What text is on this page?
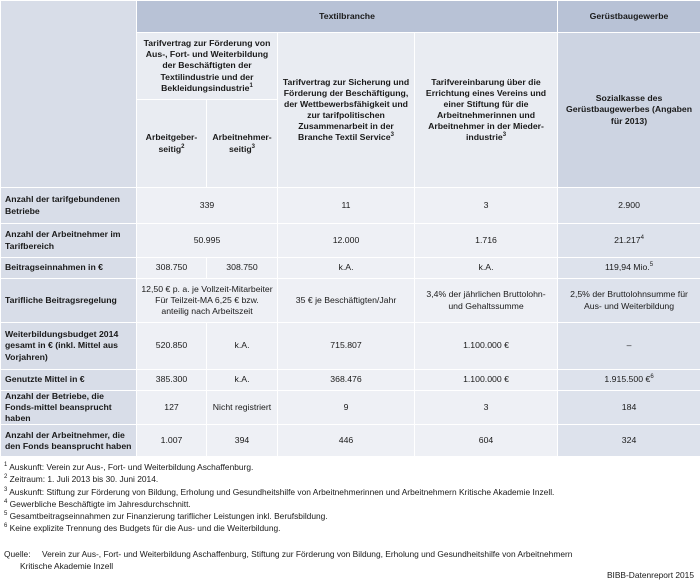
	Textilbranche				Gerüstbaugewerbe
	Tarifvertrag zur Förderung von Aus-, Fort- und Weiterbildung der Beschäftigten der Textilindustrie und der Bekleidungsindustrie$^1$		Tarifvertrag zur Sicherung und Förderung der Beschäftigung, der Wettbewerbsfähigkeit und zur tarifpolitischen Zusammenarbeit in der Branche Textil Service$^3$	Tarifvereinbarung über die Errichtung eines Vereins und einer Stiftung für die Arbeitnehmerinnen und Arbeitnehmer in der Mieder-industrie$^3$	Sozialkasse des Gerüstbaugewerbes (Angaben für 2013)
	Arbeitgeber-seitig$^2$	Arbeitnehmer-seitig$^3$
Anzahl der tarifgebundenen Betriebe	339		11	3	2.900
Anzahl der Arbeitnehmer im Tarifbereich	50.995		12.000	1.716	21.217$^4$
Beitragseinnahmen in €	308.750	308.750	k.A.	k.A.	119,94 Mio.$^5$
Tarifliche Beitragsregelung	12,50 € p. a. je Vollzeit-Mitarbeiter Für Teilzeit-MA 6,25 € bzw. anteilig nach Arbeitszeit		35 € je Beschäftigten/Jahr	3,4% der jährlichen Bruttolohn- und Gehaltssumme	2,5% der Bruttolohnsumme für Aus- und Weiterbildung
Weiterbildungsbudget 2014 gesamt in € (inkl. Mittel aus Vorjahren)	520.850	k.A.	715.807	1.100.000 €	–
Genutzte Mittel in €	385.300	k.A.	368.476	1.100.000 €	1.915.500 €$^6$
Anzahl der Betriebe, die Fonds-mittel beansprucht haben	127	Nicht registriert	9	3	184
Anzahl der Arbeitnehmer, die den Fonds beansprucht haben	1.007	394	446	604	324
$^1$ Auskunft: Verein zur Aus-, Fort- und Weiterbildung Aschaffenburg.
$^2$ Zeitraum: 1. Juli 2013 bis 30. Juni 2014.
$^3$ Auskunft: Stiftung zur Förderung von Bildung, Erholung und Gesundheitshilfe von Arbeitnehmerinnen und Arbeitnehmern Kritische Akademie Inzell.
$^4$ Gewerbliche Beschäftigte im Jahresdurchschnitt.
$^5$ Gesamtbeitragseinnahmen zur Finanzierung tariflicher Leistungen inkl. Berufsbildung.
$^6$ Keine explizite Trennung des Budgets für die Aus- und die Weiterbildung.
Quelle: Verein zur Aus-, Fort- und Weiterbildung Aschaffenburg, Stiftung zur Förderung von Bildung, Erholung und Gesundheitshilfe von Arbeitnehmern
Kritische Akademie Inzell
BIBB-Datenreport 2015
